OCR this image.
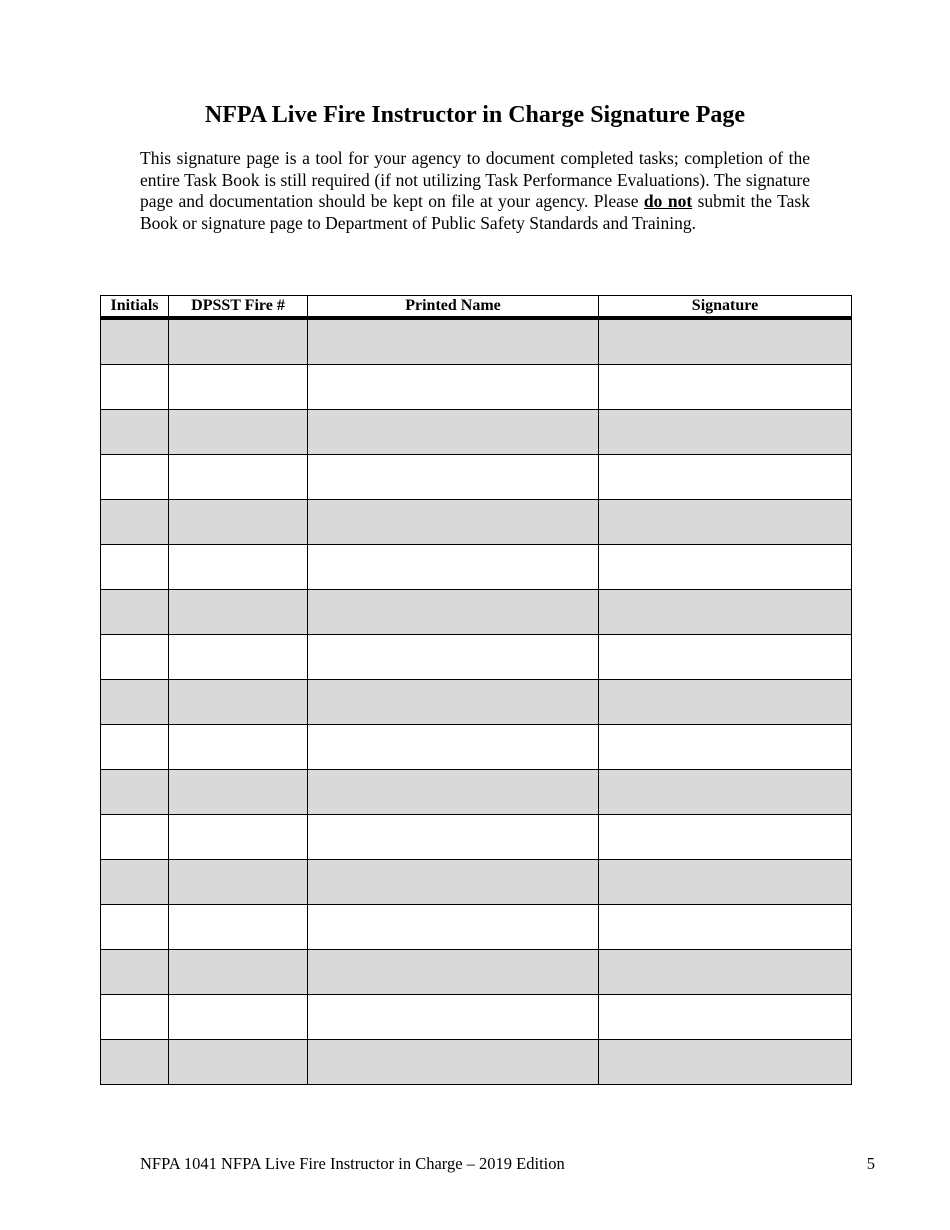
NFPA Live Fire Instructor in Charge Signature Page

This signature page is a tool for your agency to document completed tasks; completion of the entire Task Book is still required (if not utilizing Task Performance Evaluations). The signature page and documentation should be kept on file at your agency. Please do not submit the Task Book or signature page to Department of Public Safety Standards and Training.

Initials	DPSST Fire #	Printed Name	Signature

NFPA 1041 NFPA Live Fire Instructor in Charge – 2019 Edition	5
